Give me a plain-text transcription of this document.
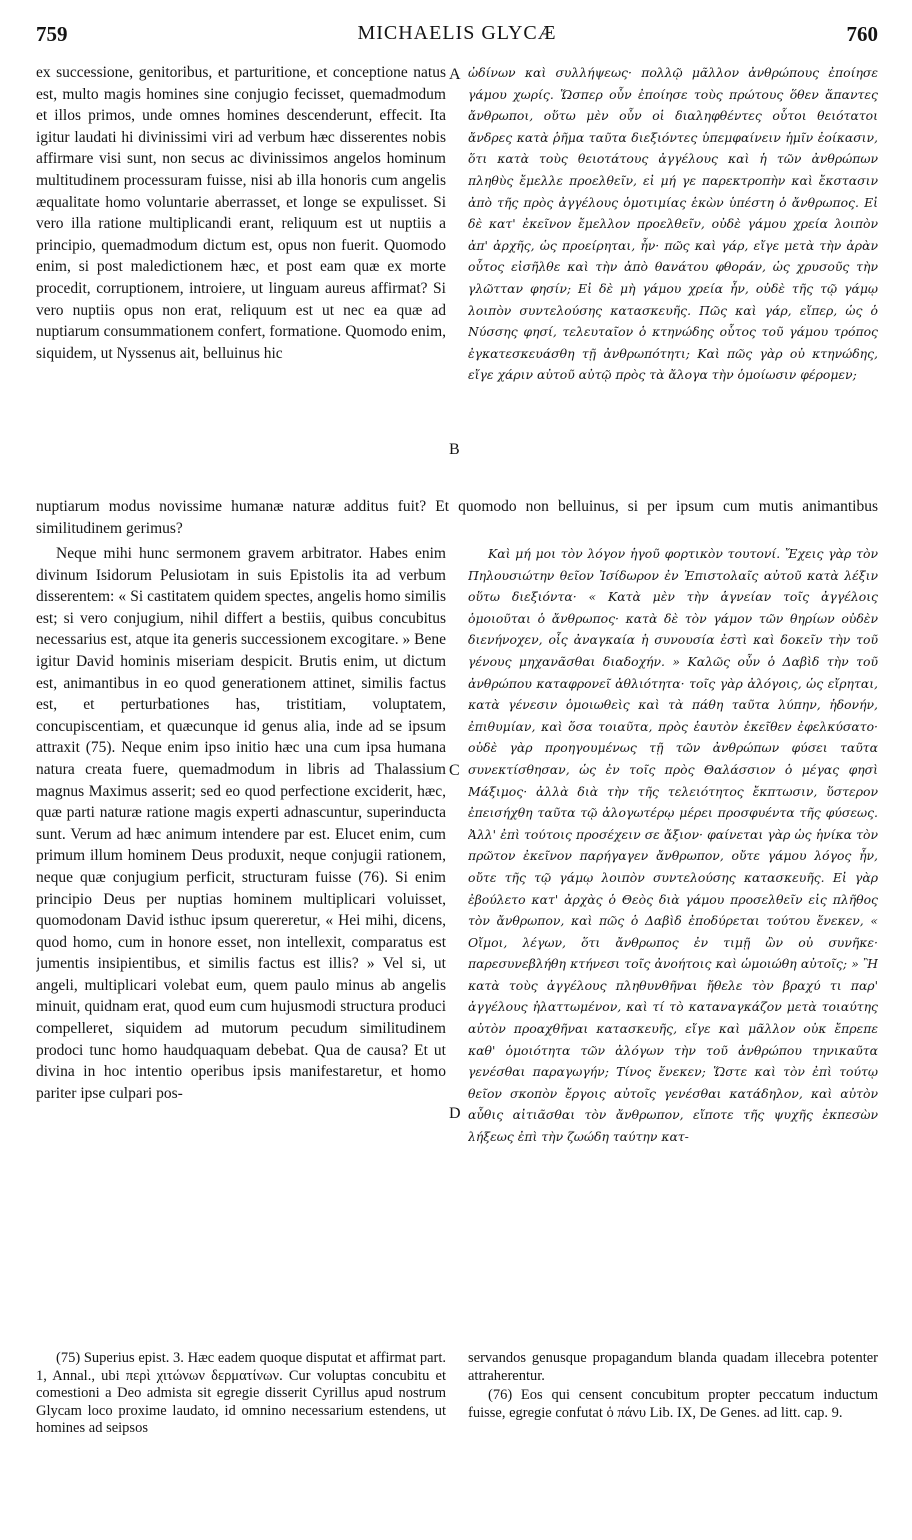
759	MICHAELIS GLYCÆ	760

ex successione, genitoribus, et parturitione, et conceptione natus est, multo magis homines sine conjugio fecisset, quemadmodum et illos primos, unde omnes homines descenderunt, effecit. Ita igitur laudati hi divinissimi viri ad verbum hæc disserentes nobis affirmare visi sunt, non secus ac divinissimos angelos hominum multitudinem processuram fuisse, nisi ab illa honoris cum angelis æqualitate homo voluntarie aberrasset, et longe se expulisset. Si vero illa ratione multiplicandi erant, reliquum est ut nuptiis a principio, quemadmodum dictum est, opus non fuerit. Quomodo enim, si post maledictionem hæc, et post eam quæ ex morte procedit, corruptionem, introiere, ut linguam aureus affirmat? Si vero nuptiis opus non erat, reliquum est ut nec ea quæ ad nuptiarum consummationem confert, formatione. Quomodo enim, siquidem, ut Nyssenus ait, belluinus hic

ὠδίνων καὶ συλλήψεως· πολλῷ μᾶλλον ἀνθρώπους ἐποίησε γάμου χωρίς. Ὥσπερ οὖν ἐποίησε τοὺς πρώτους ὅθεν ἅπαντες ἄνθρωποι, οὕτω μὲν οὖν οἱ διαληφθέντες οὗτοι θειότατοι ἄνδρες κατὰ ῥῆμα ταῦτα διεξιόντες ὑπεμφαίνειν ἡμῖν ἐοίκασιν, ὅτι κατὰ τοὺς θειοτάτους ἀγγέλους καὶ ἡ τῶν ἀνθρώπων πληθὺς ἔμελλε προελθεῖν, εἰ μή γε παρεκτροπὴν καὶ ἔκστασιν ἀπὸ τῆς πρὸς ἀγγέλους ὁμοτιμίας ἑκὼν ὑπέστη ὁ ἄνθρωπος. Εἰ δὲ κατ' ἐκεῖνον ἔμελλον προελθεῖν, οὐδὲ γάμου χρεία λοιπὸν ἀπ' ἀρχῆς, ὡς προείρηται, ἦν· πῶς καὶ γάρ, εἴγε μετὰ τὴν ἀρὰν οὗτος εἰσῆλθε καὶ τὴν ἀπὸ θανάτου φθοράν, ὡς χρυσοῦς τὴν γλῶτταν φησίν; Εἰ δὲ μὴ γάμου χρεία ἦν, οὐδὲ τῆς τῷ γάμῳ λοιπὸν συντελούσης κατασκευῆς. Πῶς καὶ γάρ, εἴπερ, ὡς ὁ Νύσσης φησί, τελευταῖον ὁ κτηνώδης οὗτος τοῦ γάμου τρόπος ἐγκατεσκευάσθη τῇ ἀνθρωπότητι; Καὶ πῶς γὰρ οὐ κτηνώδης, εἴγε χάριν αὐτοῦ αὐτῷ πρὸς τὰ ἄλογα τὴν ὁμοίωσιν φέρομεν;

nuptiarum modus novissime humanæ naturæ additus fuit? Et quomodo non belluinus, si per ipsum cum mutis animantibus similitudinem gerimus?

Neque mihi hunc sermonem gravem arbitrator. Habes enim divinum Isidorum Pelusiotam in suis Epistolis ita ad verbum disserentem: « Si castitatem quidem spectes, angelis homo similis est; si vero conjugium, nihil differt a bestiis, quibus concubitus necessarius est, atque ita generis successionem excogitare. » Bene igitur David hominis miseriam despicit. Brutis enim, ut dictum est, animantibus in eo quod generationem attinet, similis factus est, et perturbationes has, tristitiam, voluptatem, concupiscentiam, et quæcunque id genus alia, inde ad se ipsum attraxit (75). Neque enim ipso initio hæc una cum ipsa humana natura creata fuere, quemadmodum in libris ad Thalassium magnus Maximus asserit; sed eo quod perfectione exciderit, hæc, quæ parti naturæ ratione magis experti adnascuntur, superinducta sunt. Verum ad hæc animum intendere par est. Elucet enim, cum primum illum hominem Deus produxit, neque conjugii rationem, neque quæ conjugium perficit, structuram fuisse (76). Si enim principio Deus per nuptias hominem multiplicari voluisset, quomodonam David isthuc ipsum quereretur, « Hei mihi, dicens, quod homo, cum in honore esset, non intellexit, comparatus est jumentis insipientibus, et similis factus est illis? » Vel si, ut angeli, multiplicari volebat eum, quem paulo minus ab angelis minuit, quidnam erat, quod eum cum hujusmodi structura produci compelleret, siquidem ad mutorum pecudum similitudinem prodoci tunc homo haudquaquam debebat. Qua de causa? Et ut divina in hoc intentio operibus ipsis manifestaretur, et homo pariter ipse culpari pos-

Καὶ μή μοι τὸν λόγον ἡγοῦ φορτικὸν τουτονί. Ἔχεις γὰρ τὸν Πηλουσιώτην θεῖον Ἰσίδωρον ἐν Ἐπιστολαῖς αὐτοῦ κατὰ λέξιν οὕτω διεξιόντα· « Κατὰ μὲν τὴν ἁγνείαν τοῖς ἀγγέλοις ὁμοιοῦται ὁ ἄνθρωπος· κατὰ δὲ τὸν γάμον τῶν θηρίων οὐδὲν διενήνοχεν, οἷς ἀναγκαία ἡ συνουσία ἐστὶ καὶ δοκεῖν τὴν τοῦ γένους μηχανᾶσθαι διαδοχήν. » Καλῶς οὖν ὁ Δαβὶδ τὴν τοῦ ἀνθρώπου καταφρονεῖ ἀθλιότητα· τοῖς γὰρ ἀλόγοις, ὡς εἴρηται, κατὰ γένεσιν ὁμοιωθεὶς καὶ τὰ πάθη ταῦτα λύπην, ἡδονήν, ἐπιθυμίαν, καὶ ὅσα τοιαῦτα, πρὸς ἑαυτὸν ἐκεῖθεν ἐφελκύσατο· οὐδὲ γὰρ προηγουμένως τῇ τῶν ἀνθρώπων φύσει ταῦτα συνεκτίσθησαν, ὡς ἐν τοῖς πρὸς Θαλάσσιον ὁ μέγας φησὶ Μάξιμος· ἀλλὰ διὰ τὴν τῆς τελειότητος ἔκπτωσιν, ὕστερον ἐπεισήχθη ταῦτα τῷ ἀλογωτέρῳ μέρει προσφυέντα τῆς φύσεως. Ἀλλ' ἐπὶ τούτοις προσέχειν σε ἄξιον· φαίνεται γὰρ ὡς ἡνίκα τὸν πρῶτον ἐκεῖνον παρήγαγεν ἄνθρωπον, οὔτε γάμου λόγος ἦν, οὔτε τῆς τῷ γάμῳ λοιπὸν συντελούσης κατασκευῆς. Εἰ γὰρ ἐβούλετο κατ' ἀρχὰς ὁ Θεὸς διὰ γάμου προσελθεῖν εἰς πλῆθος τὸν ἄνθρωπον, καὶ πῶς ὁ Δαβὶδ ἐποδύρεται τούτου ἕνεκεν, « Οἴμοι, λέγων, ὅτι ἄνθρωπος ἐν τιμῇ ὢν οὐ συνῆκε· παρεσυνεβλήθη κτήνεσι τοῖς ἀνοήτοις καὶ ὡμοιώθη αὐτοῖς; » Ἢ κατὰ τοὺς ἀγγέλους πληθυνθῆναι ἤθελε τὸν βραχύ τι παρ' ἀγγέλους ἠλαττωμένον, καὶ τί τὸ καταναγκάζον μετὰ τοιαύτης αὐτὸν προαχθῆναι κατασκευῆς, εἴγε καὶ μᾶλλον οὐκ ἔπρεπε καθ' ὁμοιότητα τῶν ἀλόγων τὴν τοῦ ἀνθρώπου τηνικαῦτα γενέσθαι παραγωγήν; Τίνος ἕνεκεν; Ὥστε καὶ τὸν ἐπὶ τούτῳ θεῖον σκοπὸν ἔργοις αὐτοῖς γενέσθαι κατάδηλον, καὶ αὐτὸν αὖθις αἰτιᾶσθαι τὸν ἄνθρωπον, εἴποτε τῆς ψυχῆς ἐκπεσὼν λήξεως ἐπὶ τὴν ζωώδη ταύτην κατ-

A
B
C
D

(75) Superius epist. 3. Hæc eadem quoque disputat et affirmat part. 1, Annal., ubi περὶ χιτώνων δερματίνων. Cur voluptas concubitu et comestioni a Deo admista sit egregie disserit Cyrillus apud nostrum Glycam loco proxime laudato, id omnino necessarium estendens, ut homines ad seipsos

servandos genusque propagandum blanda quadam illecebra potenter attraherentur.

(76) Eos qui censent concubitum propter peccatum inductum fuisse, egregie confutat ὁ πάνυ Lib. IX, De Genes. ad litt. cap. 9.
